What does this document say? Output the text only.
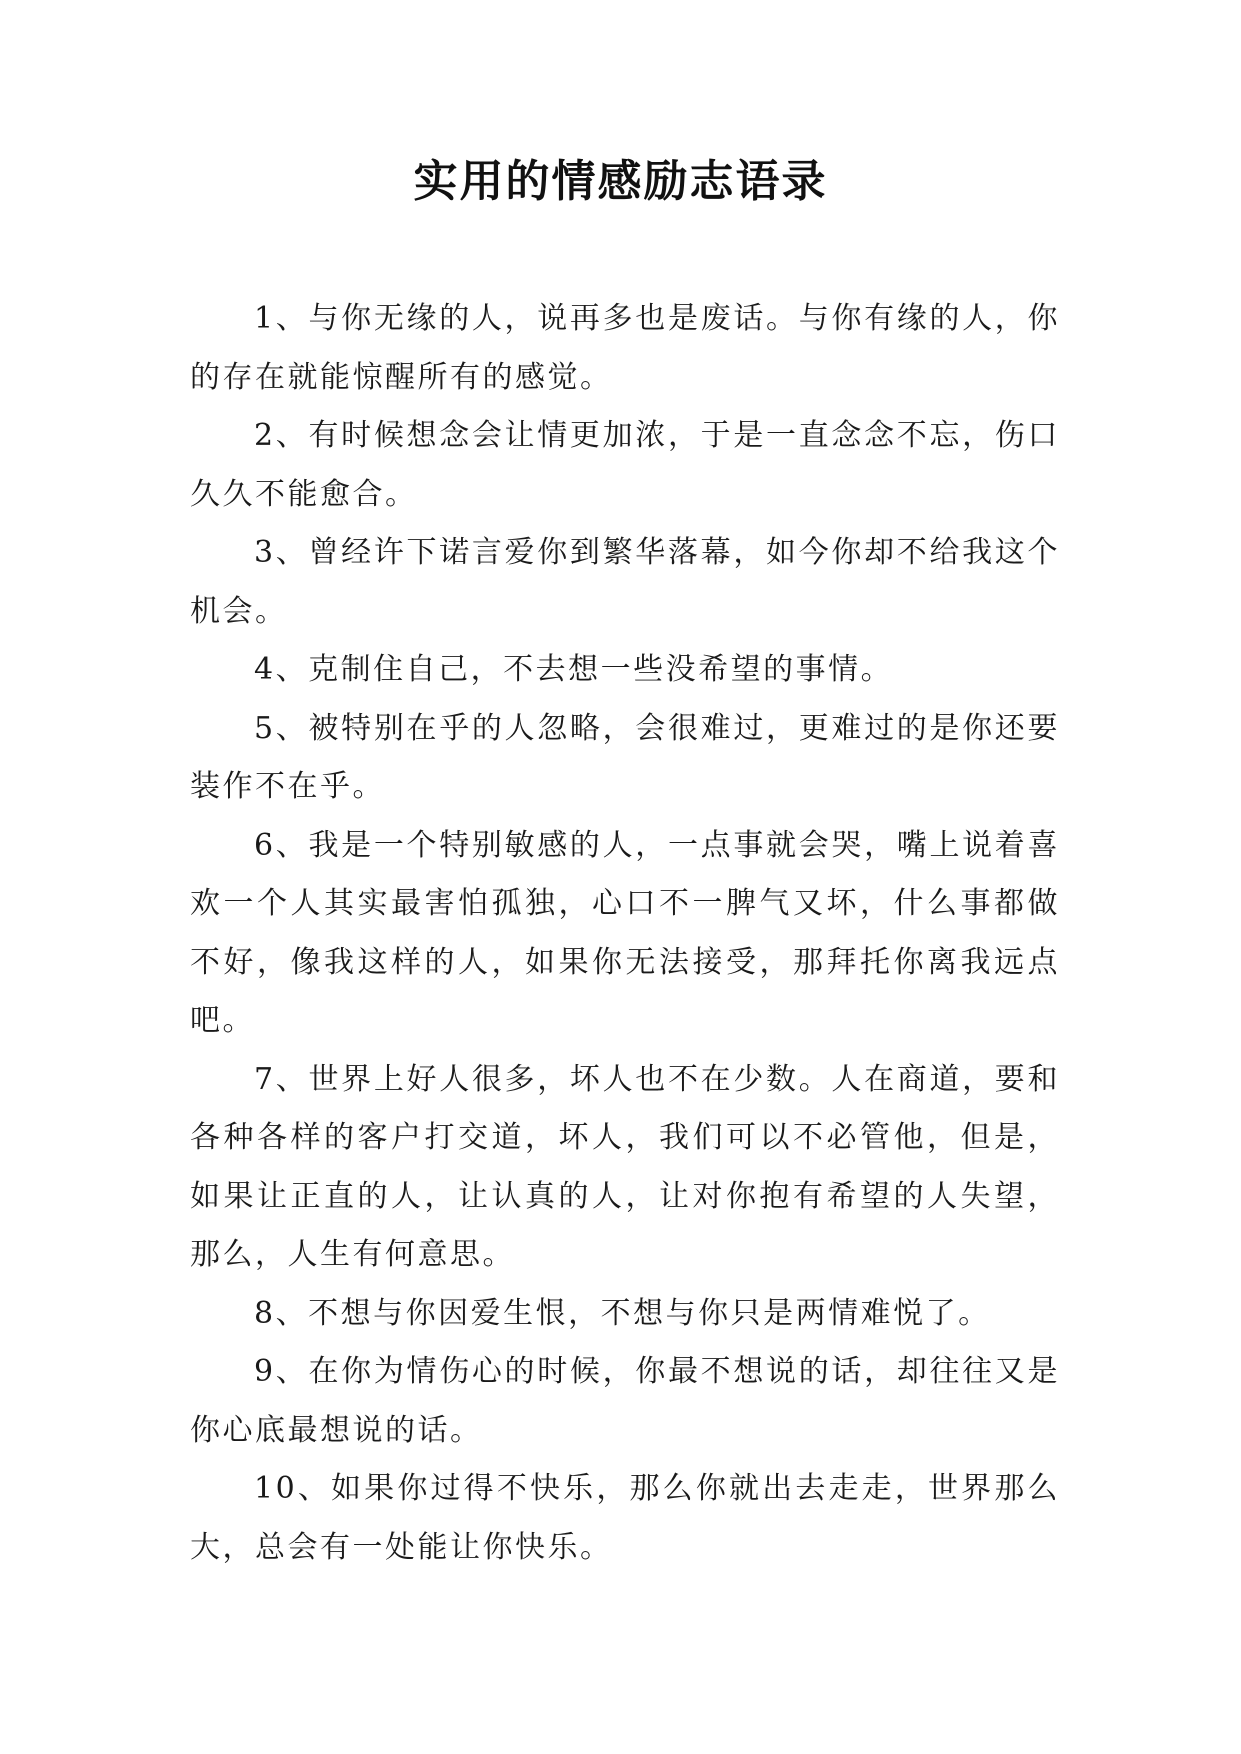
实用的情感励志语录

1、与你无缘的人，说再多也是废话。与你有缘的人，你的存在就能惊醒所有的感觉。

2、有时候想念会让情更加浓，于是一直念念不忘，伤口久久不能愈合。

3、曾经许下诺言爱你到繁华落幕，如今你却不给我这个机会。

4、克制住自己，不去想一些没希望的事情。

5、被特别在乎的人忽略，会很难过，更难过的是你还要装作不在乎。

6、我是一个特别敏感的人，一点事就会哭，嘴上说着喜欢一个人其实最害怕孤独，心口不一脾气又坏，什么事都做不好，像我这样的人，如果你无法接受，那拜托你离我远点吧。

7、世界上好人很多，坏人也不在少数。人在商道，要和各种各样的客户打交道，坏人，我们可以不必管他，但是，如果让正直的人，让认真的人，让对你抱有希望的人失望，那么，人生有何意思。

8、不想与你因爱生恨，不想与你只是两情难悦了。

9、在你为情伤心的时候，你最不想说的话，却往往又是你心底最想说的话。

10、如果你过得不快乐，那么你就出去走走，世界那么大，总会有一处能让你快乐。
